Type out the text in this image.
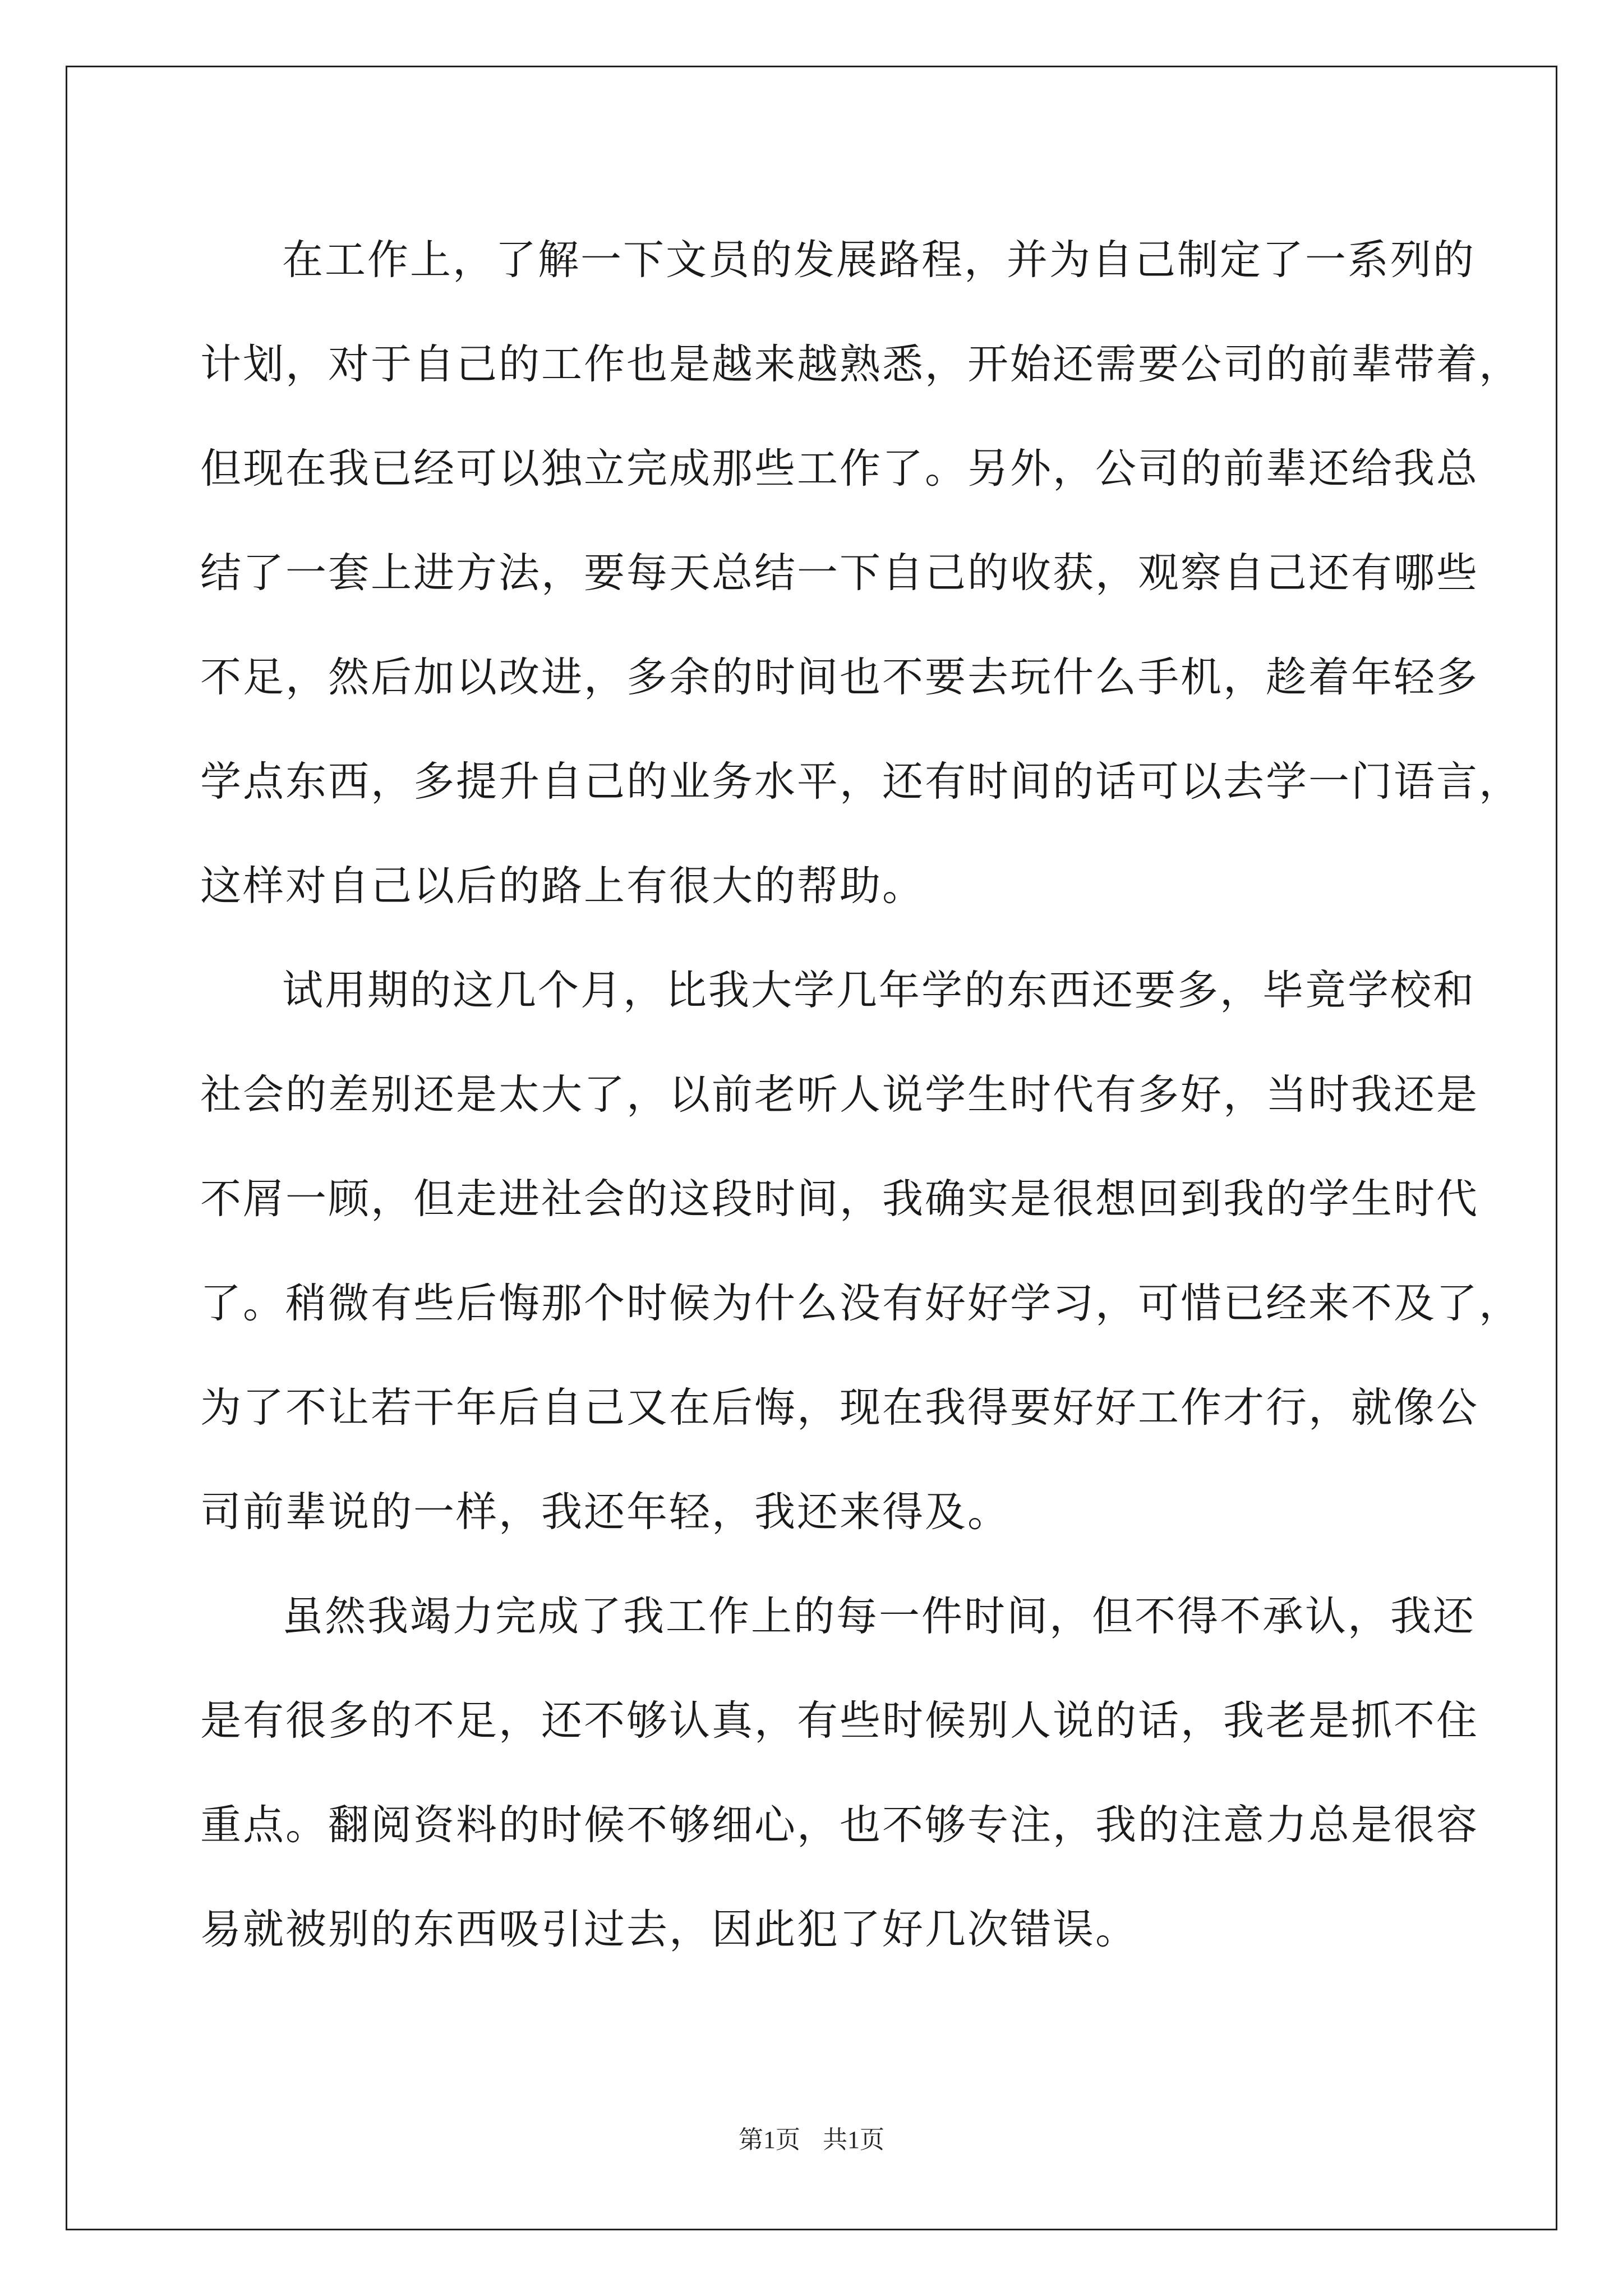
在工作上，了解一下文员的发展路程，并为自己制定了一系列的
计划，对于自己的工作也是越来越熟悉，开始还需要公司的前辈带着，
但现在我已经可以独立完成那些工作了。另外，公司的前辈还给我总
结了一套上进方法，要每天总结一下自己的收获，观察自己还有哪些
不足，然后加以改进，多余的时间也不要去玩什么手机，趁着年轻多
学点东西，多提升自己的业务水平，还有时间的话可以去学一门语言，
这样对自己以后的路上有很大的帮助。

试用期的这几个月，比我大学几年学的东西还要多，毕竟学校和
社会的差别还是太大了，以前老听人说学生时代有多好，当时我还是
不屑一顾，但走进社会的这段时间，我确实是很想回到我的学生时代
了。稍微有些后悔那个时候为什么没有好好学习，可惜已经来不及了，
为了不让若干年后自己又在后悔，现在我得要好好工作才行，就像公
司前辈说的一样，我还年轻，我还来得及。

虽然我竭力完成了我工作上的每一件时间，但不得不承认，我还
是有很多的不足，还不够认真，有些时候别人说的话，我老是抓不住
重点。翻阅资料的时候不够细心，也不够专注，我的注意力总是很容
易就被别的东西吸引过去，因此犯了好几次错误。

第1页 共1页
